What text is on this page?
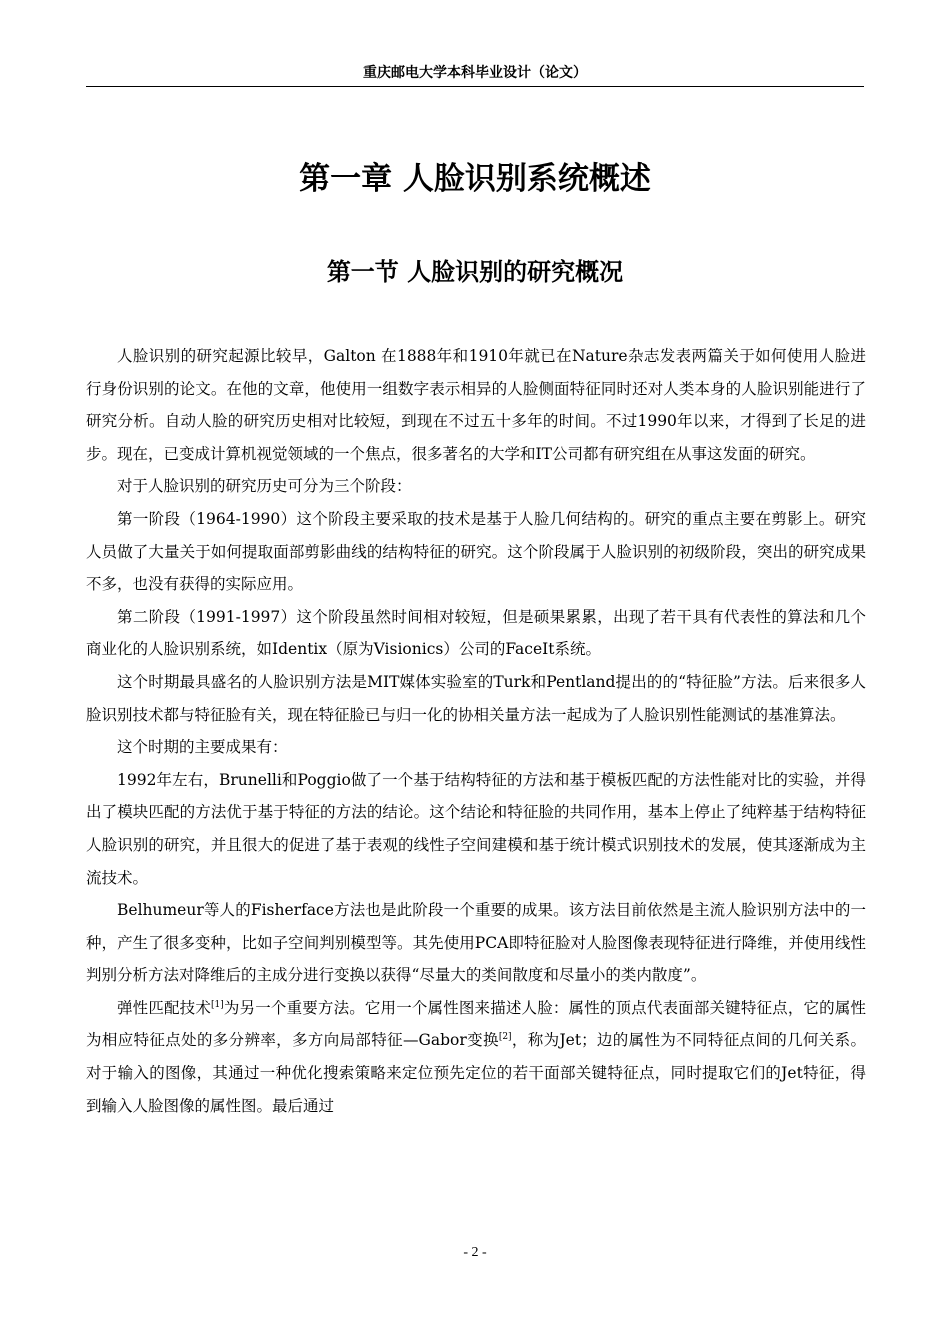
重庆邮电大学本科毕业设计（论文）
第一章 人脸识别系统概述
第一节 人脸识别的研究概况

人脸识别的研究起源比较早，Galton 在1888年和1910年就已在Nature杂志发表两篇关于如何使用人脸进行身份识别的论文。在他的文章，他使用一组数字表示相异的人脸侧面特征同时还对人类本身的人脸识别能进行了研究分析。自动人脸的研究历史相对比较短，到现在不过五十多年的时间。不过1990年以来，才得到了长足的进步。现在，已变成计算机视觉领域的一个焦点，很多著名的大学和IT公司都有研究组在从事这发面的研究。

对于人脸识别的研究历史可分为三个阶段：

第一阶段（1964-1990）这个阶段主要采取的技术是基于人脸几何结构的。研究的重点主要在剪影上。研究人员做了大量关于如何提取面部剪影曲线的结构特征的研究。这个阶段属于人脸识别的初级阶段，突出的研究成果不多，也没有获得的实际应用。

第二阶段（1991-1997）这个阶段虽然时间相对较短，但是硕果累累，出现了若干具有代表性的算法和几个商业化的人脸识别系统，如Identix（原为Visionics）公司的FaceIt系统。

这个时期最具盛名的人脸识别方法是MIT媒体实验室的Turk和Pentland提出的的“特征脸”方法。后来很多人脸识别技术都与特征脸有关，现在特征脸已与归一化的协相关量方法一起成为了人脸识别性能测试的基准算法。

这个时期的主要成果有：

1992年左右，Brunelli和Poggio做了一个基于结构特征的方法和基于模板匹配的方法性能对比的实验，并得出了模块匹配的方法优于基于特征的方法的结论。这个结论和特征脸的共同作用，基本上停止了纯粹基于结构特征人脸识别的研究，并且很大的促进了基于表观的线性子空间建模和基于统计模式识别技术的发展，使其逐渐成为主流技术。

Belhumeur等人的Fisherface方法也是此阶段一个重要的成果。该方法目前依然是主流人脸识别方法中的一种，产生了很多变种，比如子空间判别模型等。其先使用PCA即特征脸对人脸图像表现特征进行降维，并使用线性判别分析方法对降维后的主成分进行变换以获得“尽量大的类间散度和尽量小的类内散度”。

弹性匹配技术[1]为另一个重要方法。它用一个属性图来描述人脸：属性的顶点代表面部关键特征点，它的属性为相应特征点处的多分辨率，多方向局部特征—Gabor变换[2]，称为Jet；边的属性为不同特征点间的几何关系。对于输入的图像，其通过一种优化搜索策略来定位预先定位的若干面部关键特征点，同时提取它们的Jet特征，得到输入人脸图像的属性图。最后通过

- 2 -
